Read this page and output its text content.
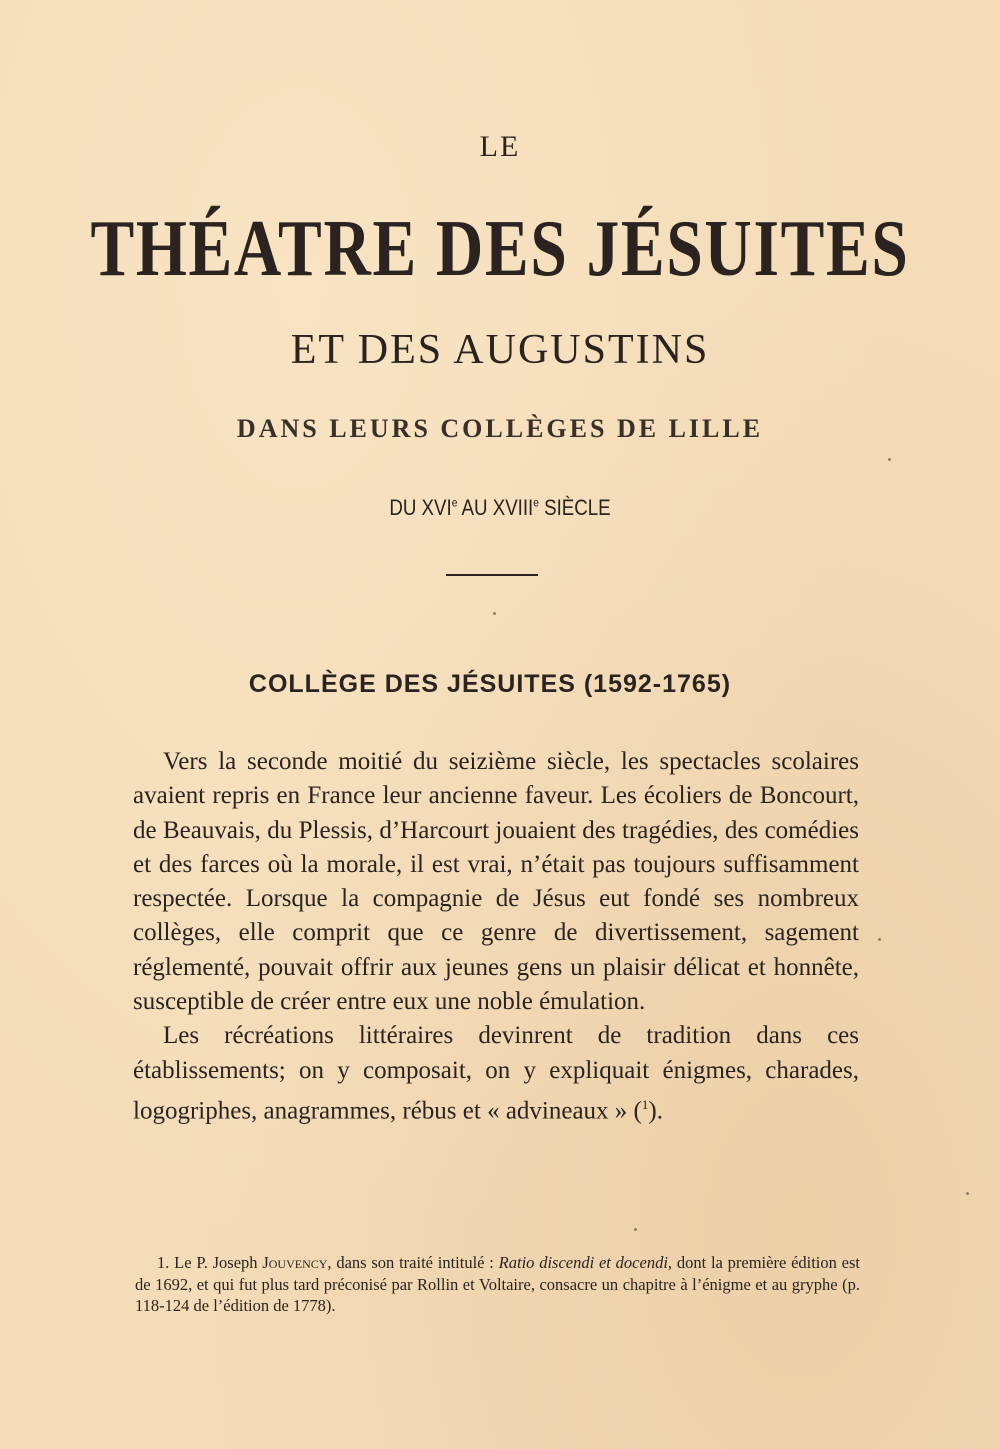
LE
THÉATRE DES JÉSUITES
ET DES AUGUSTINS
DANS LEURS COLLÈGES DE LILLE
DU XVIe AU XVIIIe SIÈCLE
COLLÈGE DES JÉSUITES (1592-1765)

Vers la seconde moitié du seizième siècle, les spectacles scolaires avaient repris en France leur ancienne faveur. Les écoliers de Boncourt, de Beauvais, du Plessis, d’Harcourt jouaient des tragédies, des comédies et des farces où la morale, il est vrai, n’était pas toujours suffisamment respectée. Lorsque la compagnie de Jésus eut fondé ses nombreux collèges, elle comprit que ce genre de divertissement, sagement réglementé, pouvait offrir aux jeunes gens un plaisir délicat et honnête, susceptible de créer entre eux une noble émulation.

Les récréations littéraires devinrent de tradition dans ces établissements; on y composait, on y expliquait énigmes, charades, logogriphes, anagrammes, rébus et « advineaux » ($^1$).

1. Le P. Joseph Jouvency, dans son traité intitulé : Ratio discendi et docendi, dont la première édition est de 1692, et qui fut plus tard préconisé par Rollin et Voltaire, consacre un chapitre à l’énigme et au gryphe (p. 118-124 de l’édition de 1778).
